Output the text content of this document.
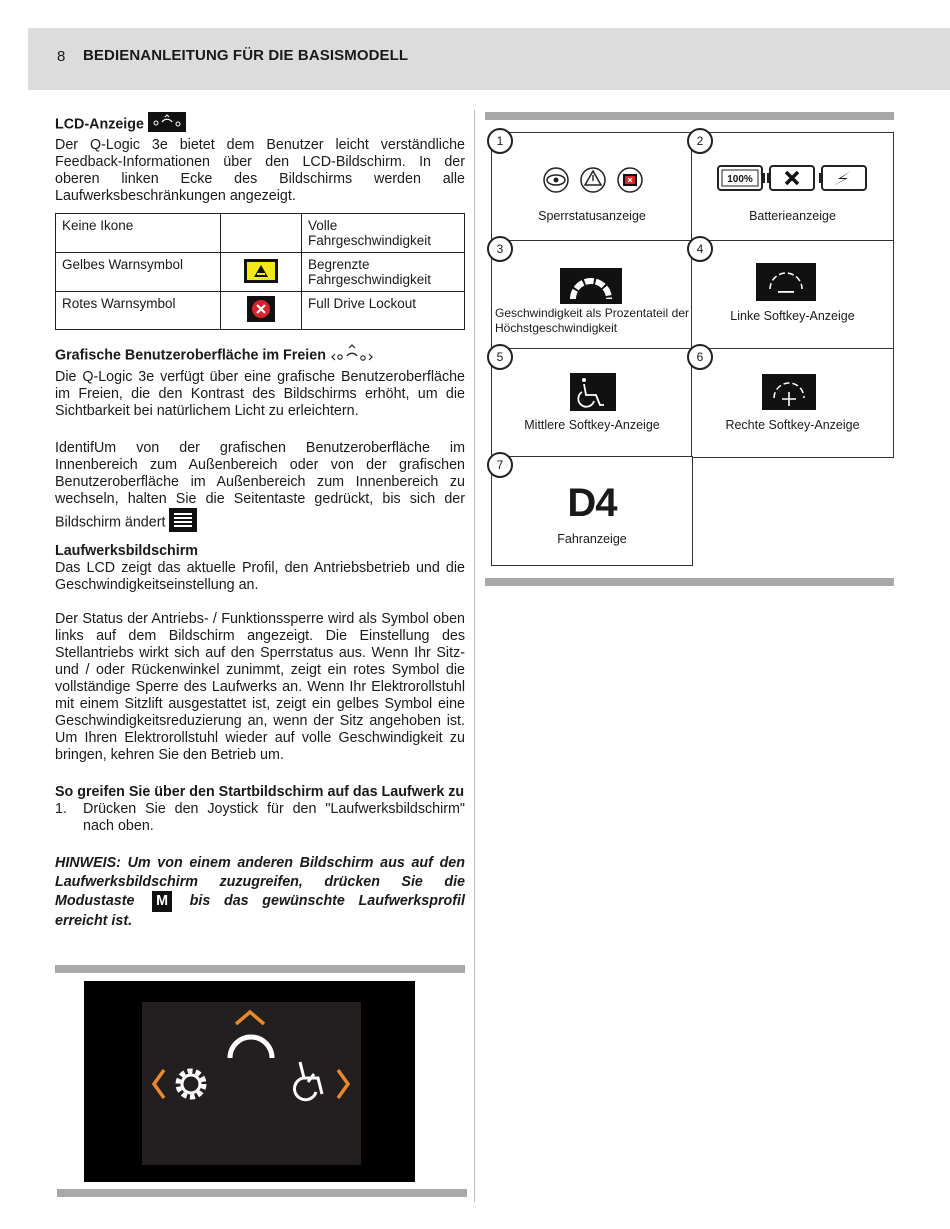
8 BEDIENANLEITUNG FÜR DIE BASISMODELL

LCD-Anzeige

Der Q-Logic 3e bietet dem Benutzer leicht verständliche Feedback-Informationen über den LCD-Bildschirm. In der oberen linken Ecke des Bildschirms werden alle Laufwerksbeschränkungen angezeigt.

Keine Ikone		Volle Fahrgeschwindigkeit
Gelbes Warnsymbol		Begrenzte Fahrgeschwindigkeit
Rotes Warnsymbol		Full Drive Lockout

Grafische Benutzeroberfläche im Freien

Die Q-Logic 3e verfügt über eine grafische Benutzeroberfläche im Freien, die den Kontrast des Bildschirms erhöht, um die Sichtbarkeit bei natürlichem Licht zu erleichtern.

IdentifUm von der grafischen Benutzeroberfläche im Innenbereich zum Außenbereich oder von der grafischen Benutzeroberfläche im Außenbereich zum Innenbereich zu wechseln, halten Sie die Seitentaste gedrückt, bis sich der Bildschirm ändert

Laufwerksbildschirm

Das LCD zeigt das aktuelle Profil, den Antriebsbetrieb und die Geschwindigkeitseinstellung an.

Der Status der Antriebs- / Funktionssperre wird als Symbol oben links auf dem Bildschirm angezeigt. Die Einstellung des Stellantriebs wirkt sich auf den Sperrstatus aus. Wenn Ihr Sitz- und / oder Rückenwinkel zunimmt, zeigt ein rotes Symbol die vollständige Sperre des Laufwerks an. Wenn Ihr Elektrorollstuhl mit einem Sitzlift ausgestattet ist, zeigt ein gelbes Symbol eine Geschwindigkeitsreduzierung an, wenn der Sitz angehoben ist. Um Ihren Elektrorollstuhl wieder auf volle Geschwindigkeit zu bringen, kehren Sie den Betrieb um.

So greifen Sie über den Startbildschirm auf das Laufwerk zu

1.	Drücken Sie den Joystick für den "Laufwerksbildschirm" nach oben.

HINWEIS: Um von einem anderen Bildschirm aus auf den Laufwerksbildschirm zuzugreifen, drücken Sie die Modustaste M bis das gewünschte Laufwerksprofil erreicht ist.

Sperrstatusanzeige
100%
Batterieanzeige
Geschwindigkeit als Prozentateil der Höchstgeschwindigkeit
Linke Softkey-Anzeige
Mittlere Softkey-Anzeige	Rechte Softkey-Anzeige
D4
Fahranzeige
1	2
3	4
5	6
7
